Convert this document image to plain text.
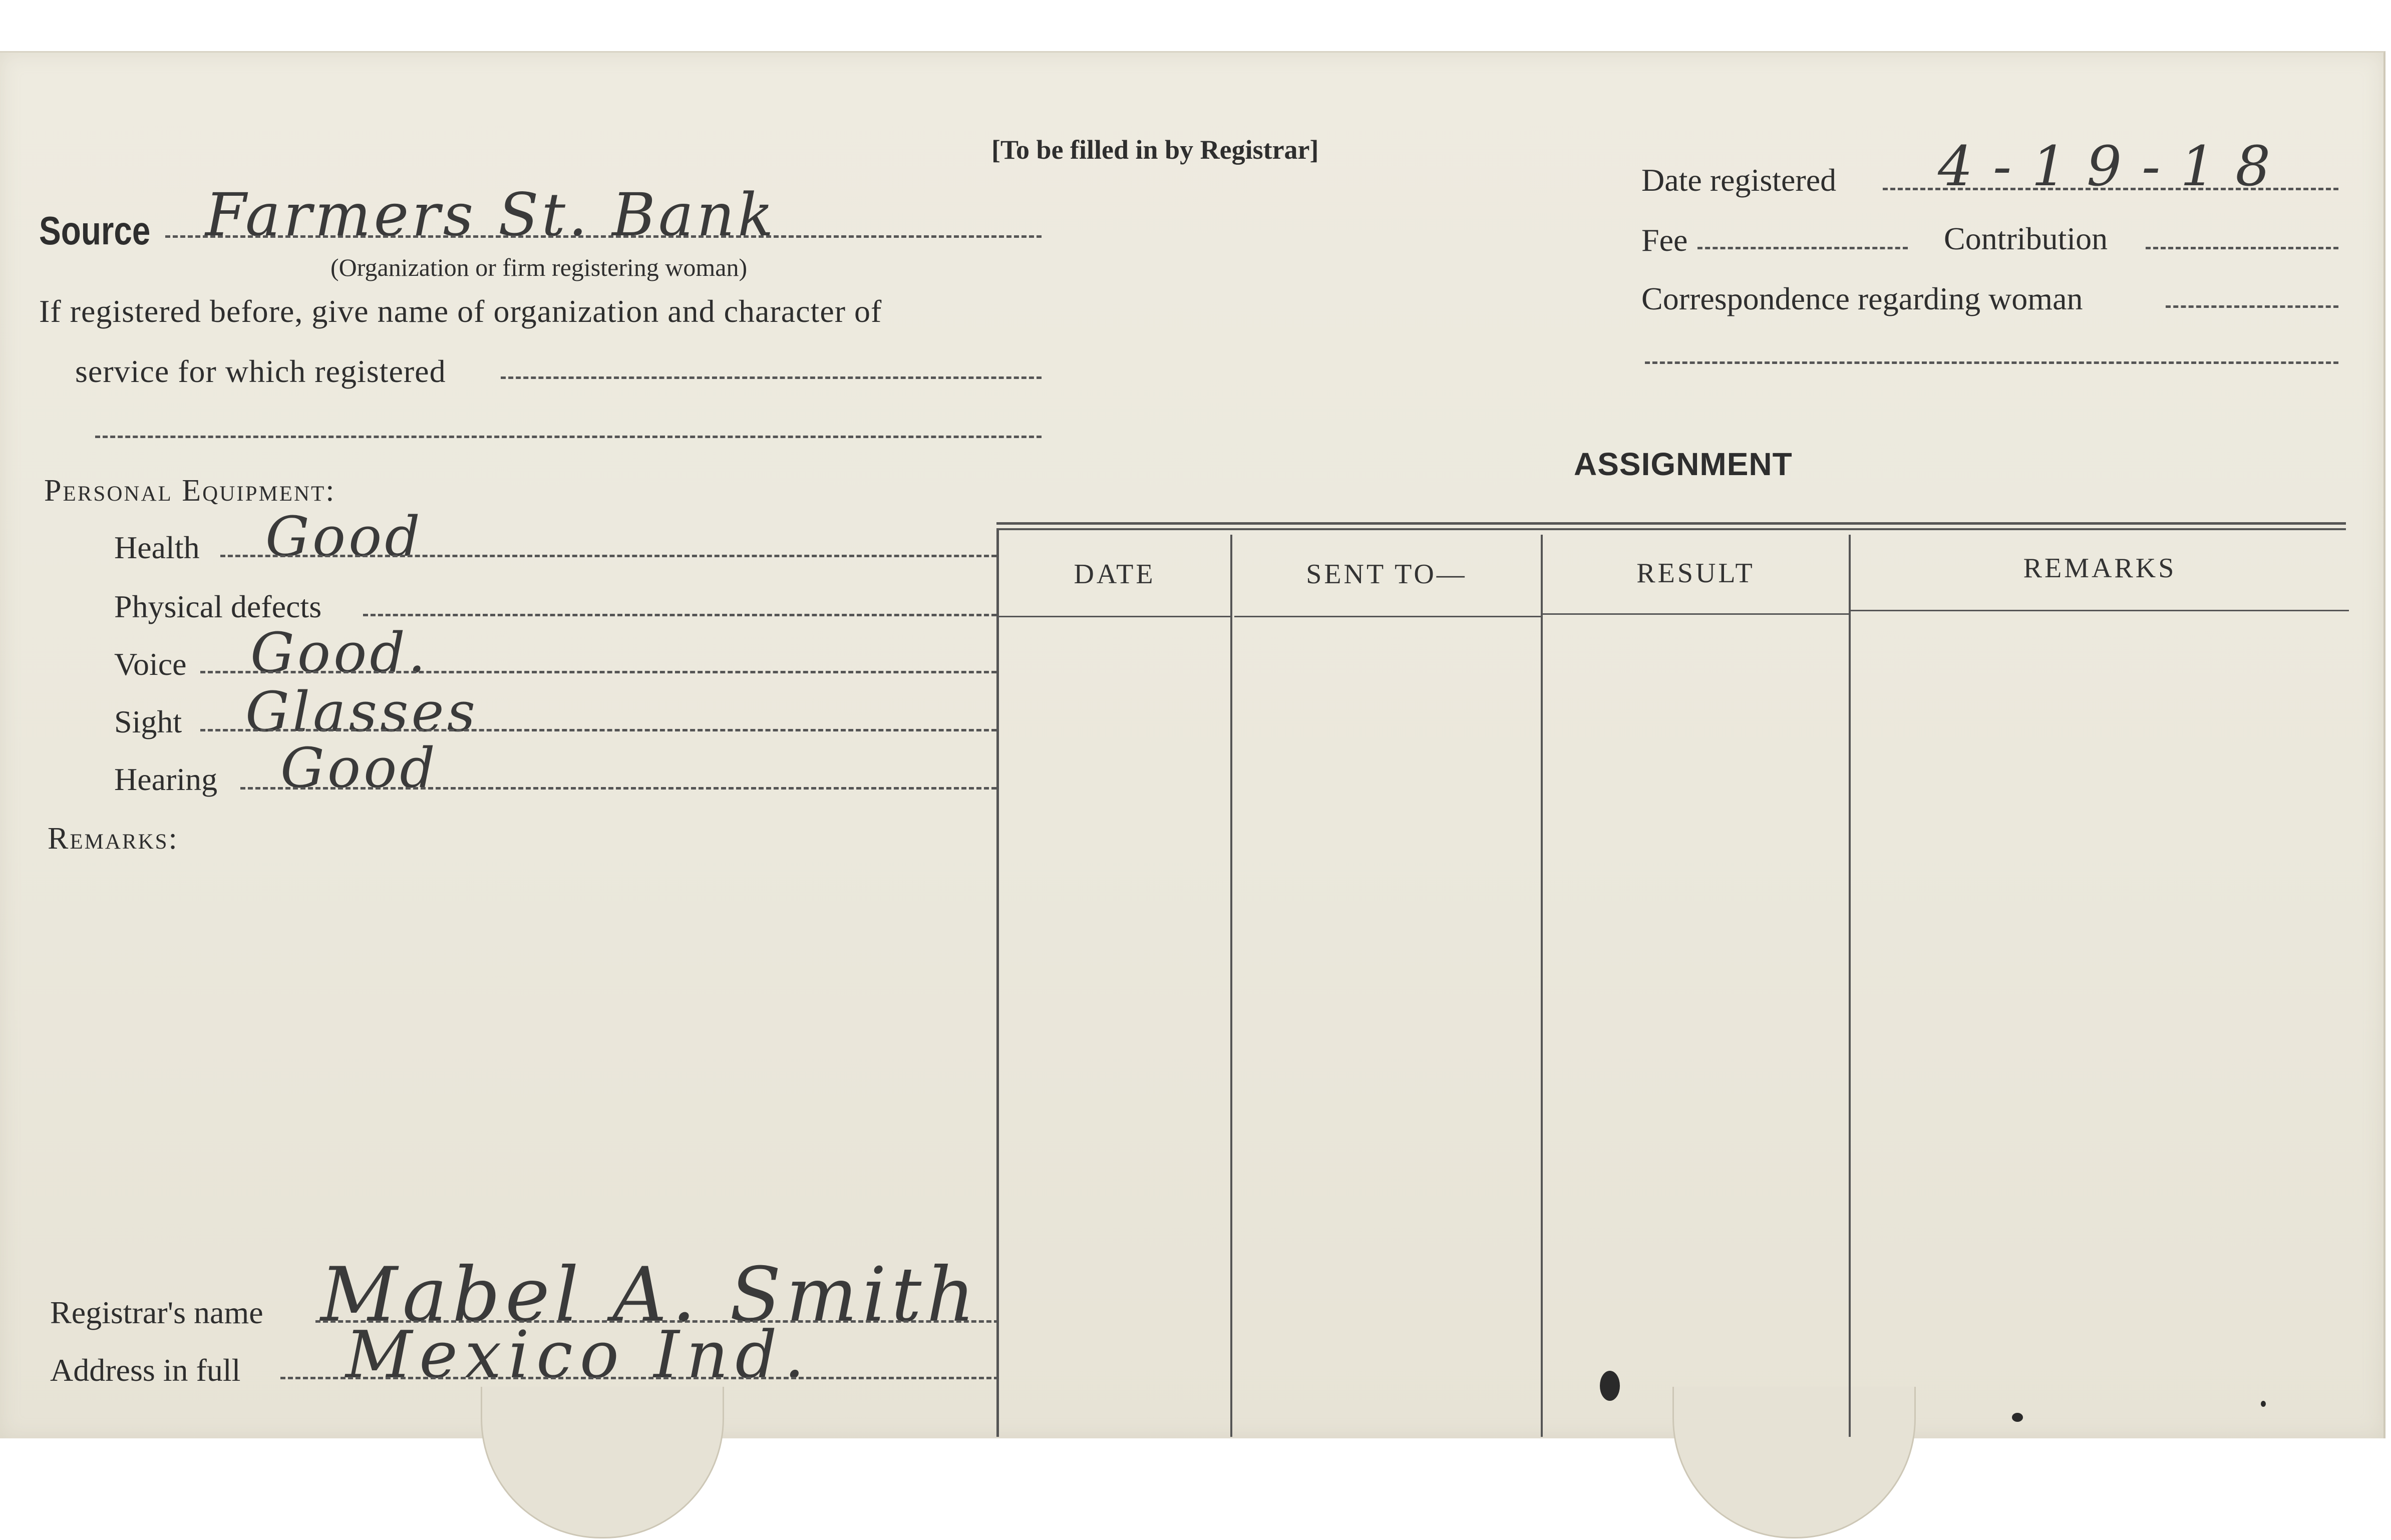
[To be filled in by Registrar]
Source Farmers St. Bank
(Organization or firm registering woman)
If registered before, give name of organization and character of
service for which registered
Personal Equipment:
Health Good
Physical defects
Voice Good.
Sight Glasses
Hearing Good
Remarks:
Registrar's name Mabel A. Smith
Address in full Mexico Ind.
Date registered 4-19-18
Fee	Contribution
Correspondence regarding woman
ASSIGNMENT
DATE	SENT TO—	RESULT	REMARKS
